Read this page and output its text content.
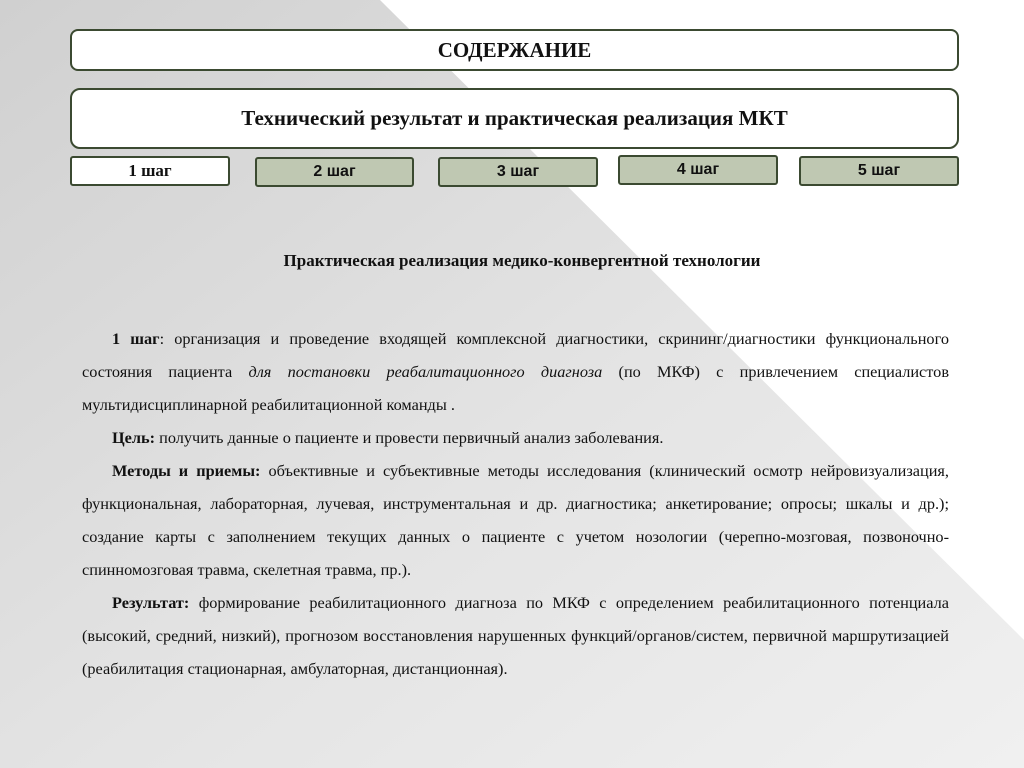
СОДЕРЖАНИЕ
Технический результат и практическая реализация МКТ
1 шаг	2 шаг	3 шаг	4 шаг	5 шаг
Практическая реализация медико-конвергентной технологии

1 шаг: организация и проведение входящей комплексной диагностики, скрининг/диагностики функционального состояния пациента для постановки реабалитационного диагноза (по МКФ) с привлечением специалистов мультидисциплинарной реабилитационной команды .

Цель: получить данные о пациенте и провести первичный анализ заболевания.

Методы и приемы: объективные и субъективные методы исследования (клинический осмотр нейровизуализация, функциональная, лабораторная, лучевая, инструментальная и др. диагностика; анкетирование; опросы; шкалы и др.); создание карты с заполнением текущих данных о пациенте с учетом нозологии (черепно-мозговая, позвоночно-спинномозговая травма, скелетная травма, пр.).

Результат: формирование реабилитационного диагноза по МКФ с определением реабилитационного потенциала (высокий, средний, низкий), прогнозом восстановления нарушенных функций/органов/систем, первичной маршрутизацией (реабилитация стационарная, амбулаторная, дистанционная).
